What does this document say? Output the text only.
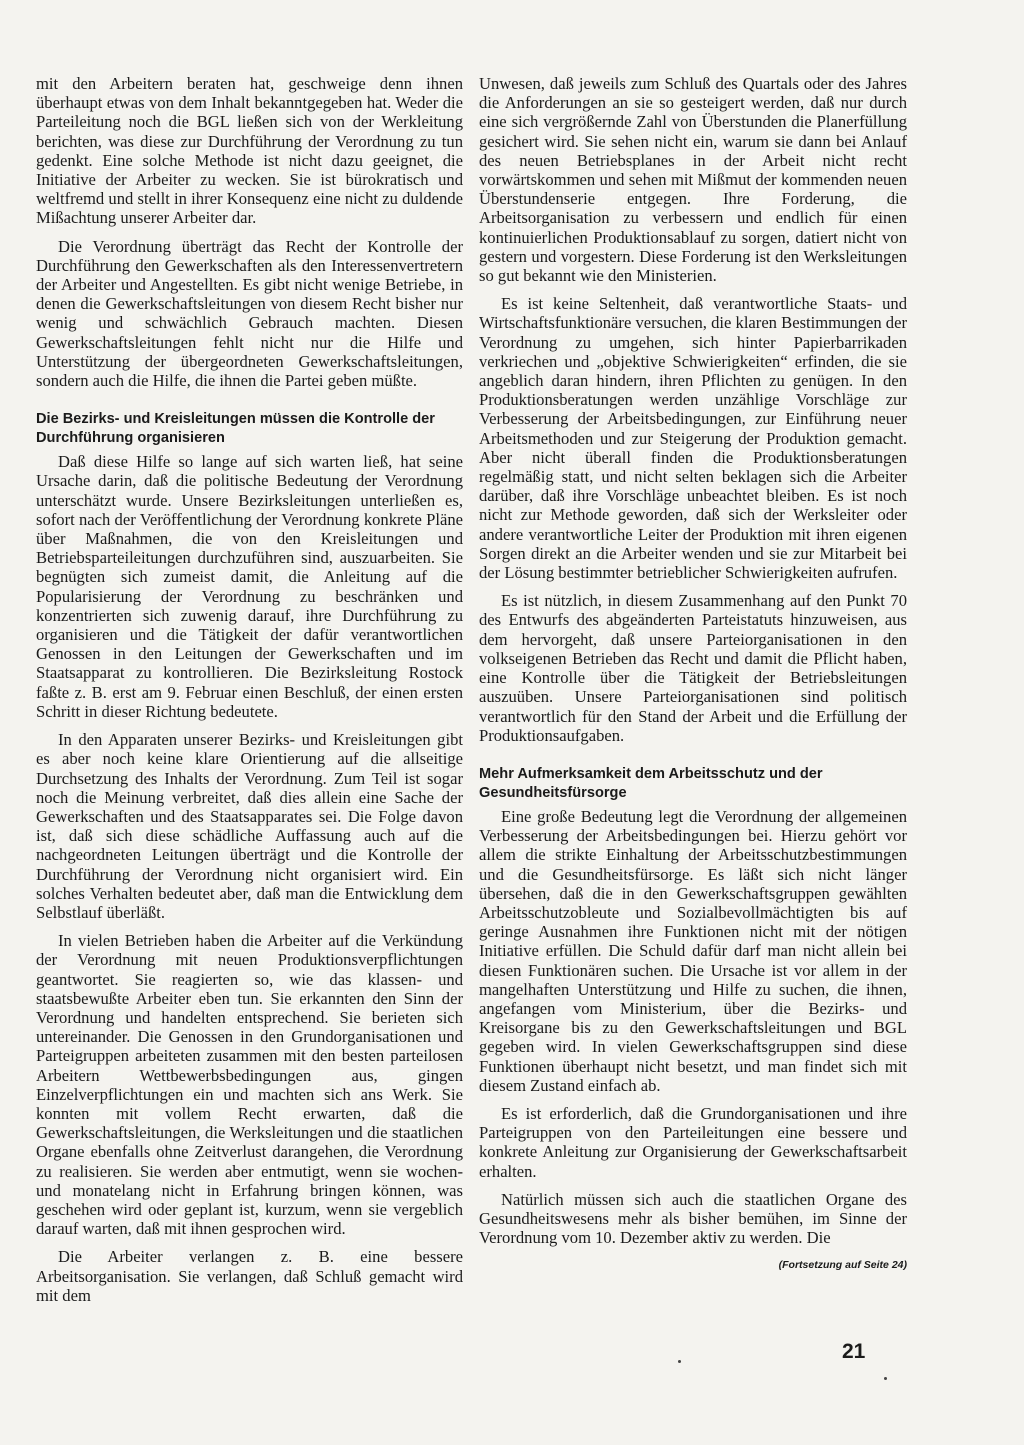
mit den Arbeitern beraten hat, geschweige denn ihnen überhaupt etwas von dem Inhalt bekanntgegeben hat. Weder die Parteileitung noch die BGL ließen sich von der Werkleitung berichten, was diese zur Durchführung der Verordnung zu tun gedenkt. Eine solche Methode ist nicht dazu geeignet, die Initiative der Arbeiter zu wecken. Sie ist bürokratisch und weltfremd und stellt in ihrer Konsequenz eine nicht zu duldende Mißachtung unserer Arbeiter dar.

Die Verordnung überträgt das Recht der Kontrolle der Durchführung den Gewerkschaften als den Interessenvertretern der Arbeiter und Angestellten. Es gibt nicht wenige Betriebe, in denen die Gewerkschaftsleitungen von diesem Recht bisher nur wenig und schwächlich Gebrauch machten. Diesen Gewerkschaftsleitungen fehlt nicht nur die Hilfe und Unterstützung der übergeordneten Gewerkschaftsleitungen, sondern auch die Hilfe, die ihnen die Partei geben müßte.

Die Bezirks- und Kreisleitungen müssen die Kontrolle der Durchführung organisieren

Daß diese Hilfe so lange auf sich warten ließ, hat seine Ursache darin, daß die politische Bedeutung der Verordnung unterschätzt wurde. Unsere Bezirksleitungen unterließen es, sofort nach der Veröffentlichung der Verordnung konkrete Pläne über Maßnahmen, die von den Kreisleitungen und Betriebsparteileitungen durchzuführen sind, auszuarbeiten. Sie begnügten sich zumeist damit, die Anleitung auf die Popularisierung der Verordnung zu beschränken und konzentrierten sich zuwenig darauf, ihre Durchführung zu organisieren und die Tätigkeit der dafür verantwortlichen Genossen in den Leitungen der Gewerkschaften und im Staatsapparat zu kontrollieren. Die Bezirksleitung Rostock faßte z. B. erst am 9. Februar einen Beschluß, der einen ersten Schritt in dieser Richtung bedeutete.

In den Apparaten unserer Bezirks- und Kreisleitungen gibt es aber noch keine klare Orientierung auf die allseitige Durchsetzung des Inhalts der Verordnung. Zum Teil ist sogar noch die Meinung verbreitet, daß dies allein eine Sache der Gewerkschaften und des Staatsapparates sei. Die Folge davon ist, daß sich diese schädliche Auffassung auch auf die nachgeordneten Leitungen überträgt und die Kontrolle der Durchführung der Verordnung nicht organisiert wird. Ein solches Verhalten bedeutet aber, daß man die Entwicklung dem Selbstlauf überläßt.

In vielen Betrieben haben die Arbeiter auf die Verkündung der Verordnung mit neuen Produktionsverpflichtungen geantwortet. Sie reagierten so, wie das klassen- und staatsbewußte Arbeiter eben tun. Sie erkannten den Sinn der Verordnung und handelten entsprechend. Sie berieten sich untereinander. Die Genossen in den Grundorganisationen und Parteigruppen arbeiteten zusammen mit den besten parteilosen Arbeitern Wettbewerbsbedingungen aus, gingen Einzelverpflichtungen ein und machten sich ans Werk. Sie konnten mit vollem Recht erwarten, daß die Gewerkschaftsleitungen, die Werksleitungen und die staatlichen Organe ebenfalls ohne Zeitverlust darangehen, die Verordnung zu realisieren. Sie werden aber entmutigt, wenn sie wochen- und monatelang nicht in Erfahrung bringen können, was geschehen wird oder geplant ist, kurzum, wenn sie vergeblich darauf warten, daß mit ihnen gesprochen wird.

Die Arbeiter verlangen z. B. eine bessere Arbeitsorganisation. Sie verlangen, daß Schluß gemacht wird mit dem

Unwesen, daß jeweils zum Schluß des Quartals oder des Jahres die Anforderungen an sie so gesteigert werden, daß nur durch eine sich vergrößernde Zahl von Überstunden die Planerfüllung gesichert wird. Sie sehen nicht ein, warum sie dann bei Anlauf des neuen Betriebsplanes in der Arbeit nicht recht vorwärtskommen und sehen mit Mißmut der kommenden neuen Überstundenserie entgegen. Ihre Forderung, die Arbeitsorganisation zu verbessern und endlich für einen kontinuierlichen Produktionsablauf zu sorgen, datiert nicht von gestern und vorgestern. Diese Forderung ist den Werksleitungen so gut bekannt wie den Ministerien.

Es ist keine Seltenheit, daß verantwortliche Staats- und Wirtschaftsfunktionäre versuchen, die klaren Bestimmungen der Verordnung zu umgehen, sich hinter Papierbarrikaden verkriechen und „objektive Schwierigkeiten“ erfinden, die sie angeblich daran hindern, ihren Pflichten zu genügen. In den Produktionsberatungen werden unzählige Vorschläge zur Verbesserung der Arbeitsbedingungen, zur Einführung neuer Arbeitsmethoden und zur Steigerung der Produktion gemacht. Aber nicht überall finden die Produktionsberatungen regelmäßig statt, und nicht selten beklagen sich die Arbeiter darüber, daß ihre Vorschläge unbeachtet bleiben. Es ist noch nicht zur Methode geworden, daß sich der Werksleiter oder andere verantwortliche Leiter der Produktion mit ihren eigenen Sorgen direkt an die Arbeiter wenden und sie zur Mitarbeit bei der Lösung bestimmter betrieblicher Schwierigkeiten aufrufen.

Es ist nützlich, in diesem Zusammenhang auf den Punkt 70 des Entwurfs des abgeänderten Parteistatuts hinzuweisen, aus dem hervorgeht, daß unsere Parteiorganisationen in den volkseigenen Betrieben das Recht und damit die Pflicht haben, eine Kontrolle über die Tätigkeit der Betriebsleitungen auszuüben. Unsere Parteiorganisationen sind politisch verantwortlich für den Stand der Arbeit und die Erfüllung der Produktionsaufgaben.

Mehr Aufmerksamkeit dem Arbeitsschutz und der Gesundheitsfürsorge

Eine große Bedeutung legt die Verordnung der allgemeinen Verbesserung der Arbeitsbedingungen bei. Hierzu gehört vor allem die strikte Einhaltung der Arbeitsschutzbestimmungen und die Gesundheitsfürsorge. Es läßt sich nicht länger übersehen, daß die in den Gewerkschaftsgruppen gewählten Arbeitsschutzobleute und Sozialbevollmächtigten bis auf geringe Ausnahmen ihre Funktionen nicht mit der nötigen Initiative erfüllen. Die Schuld dafür darf man nicht allein bei diesen Funktionären suchen. Die Ursache ist vor allem in der mangelhaften Unterstützung und Hilfe zu suchen, die ihnen, angefangen vom Ministerium, über die Bezirks- und Kreisorgane bis zu den Gewerkschaftsleitungen und BGL gegeben wird. In vielen Gewerkschaftsgruppen sind diese Funktionen überhaupt nicht besetzt, und man findet sich mit diesem Zustand einfach ab.

Es ist erforderlich, daß die Grundorganisationen und ihre Parteigruppen von den Parteileitungen eine bessere und konkrete Anleitung zur Organisierung der Gewerkschaftsarbeit erhalten.

Natürlich müssen sich auch die staatlichen Organe des Gesundheitswesens mehr als bisher bemühen, im Sinne der Verordnung vom 10. Dezember aktiv zu werden. Die

(Fortsetzung auf Seite 24)
21
